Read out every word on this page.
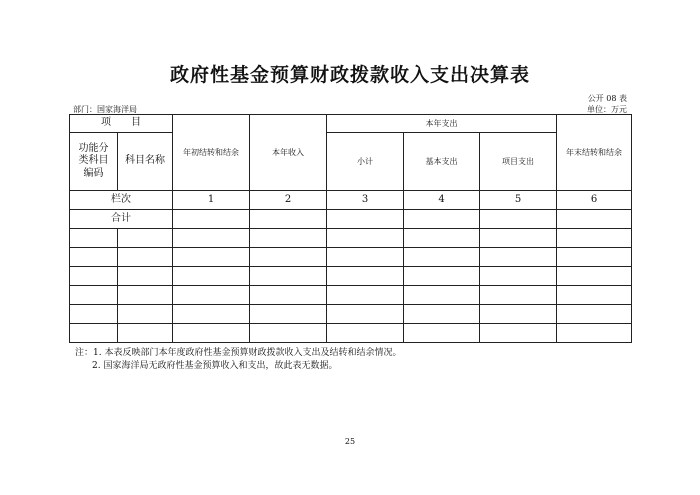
政府性基金预算财政拨款收入支出决算表
公开 08 表
部门：国家海洋局	单位：万元
项　　目		年初结转和结余	本年收入	本年支出			年末结转和结余
功能分类科目编码	科目名称			小计	基本支出	项目支出	
栏次		1	2	3	4	5	6
合计							

注：1. 本表反映部门本年度政府性基金预算财政拨款收入支出及结转和结余情况。
2. 国家海洋局无政府性基金预算收入和支出，故此表无数据。
25
